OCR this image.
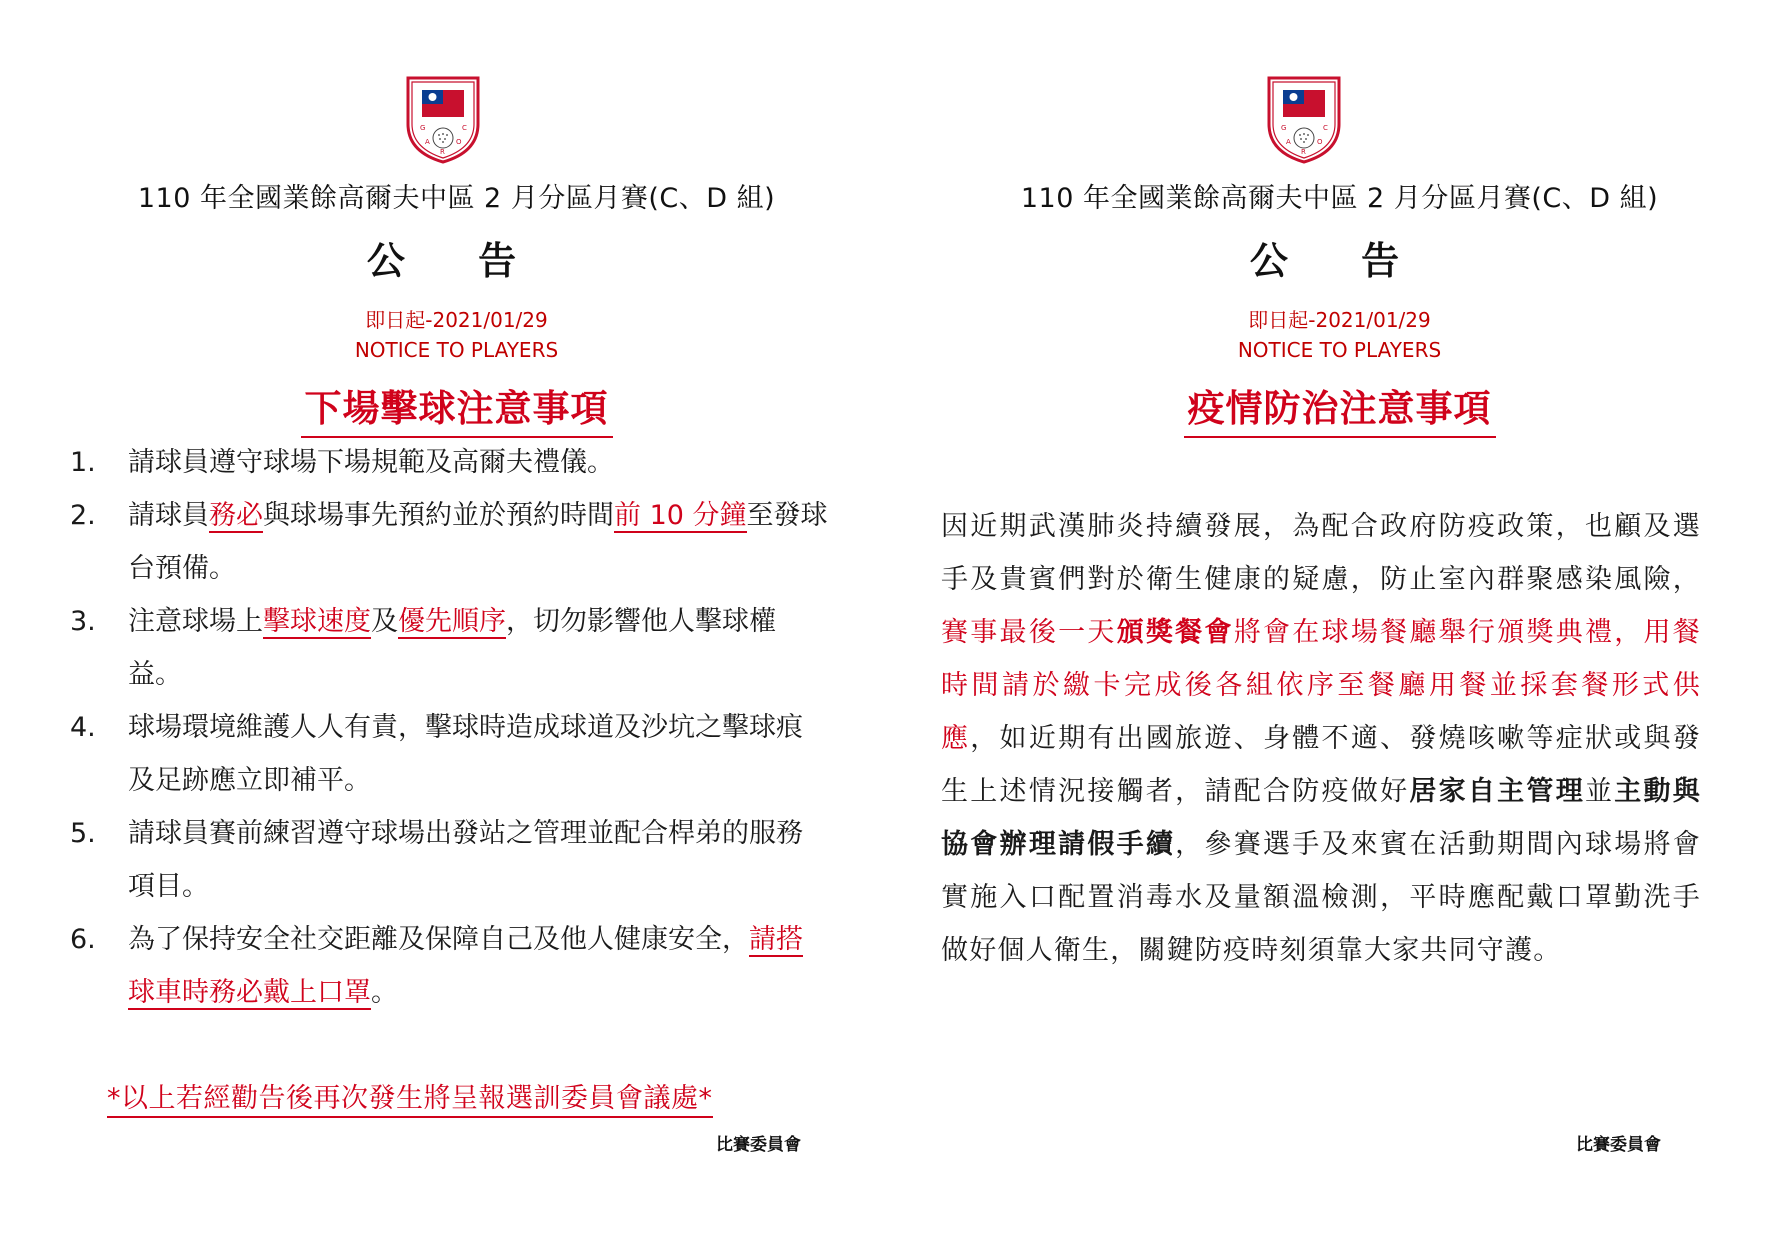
G
A	O
C
R
110 年全國業餘高爾夫中區 2 月分區月賽(C、D 組)
公 告
即日起-2021/01/29
NOTICE TO PLAYERS
下場擊球注意事項
1.	請球員遵守球場下場規範及高爾夫禮儀。
2.	請球員務必與球場事先預約並於預約時間前 10 分鐘至發球台預備。
3.	注意球場上擊球速度及優先順序，切勿影響他人擊球權益。
4.	球場環境維護人人有責，擊球時造成球道及沙坑之擊球痕及足跡應立即補平。
5.	請球員賽前練習遵守球場出發站之管理並配合桿弟的服務項目。
6.	為了保持安全社交距離及保障自己及他人健康安全，請搭球車時務必戴上口罩。
*以上若經勸告後再次發生將呈報選訓委員會議處*
比賽委員會
G
A	O
C
R
110 年全國業餘高爾夫中區 2 月分區月賽(C、D 組)
公 告
即日起-2021/01/29
NOTICE TO PLAYERS
疫情防治注意事項
因近期武漢肺炎持續發展，為配合政府防疫政策，也顧及選手及貴賓們對於衛生健康的疑慮，防止室內群聚感染風險，賽事最後一天頒獎餐會將會在球場餐廳舉行頒獎典禮，用餐時間請於繳卡完成後各組依序至餐廳用餐並採套餐形式供應，如近期有出國旅遊、身體不適、發燒咳嗽等症狀或與發生上述情況接觸者，請配合防疫做好居家自主管理並主動與協會辦理請假手續，參賽選手及來賓在活動期間內球場將會實施入口配置消毒水及量額溫檢測，平時應配戴口罩勤洗手做好個人衛生，關鍵防疫時刻須靠大家共同守護。
比賽委員會
